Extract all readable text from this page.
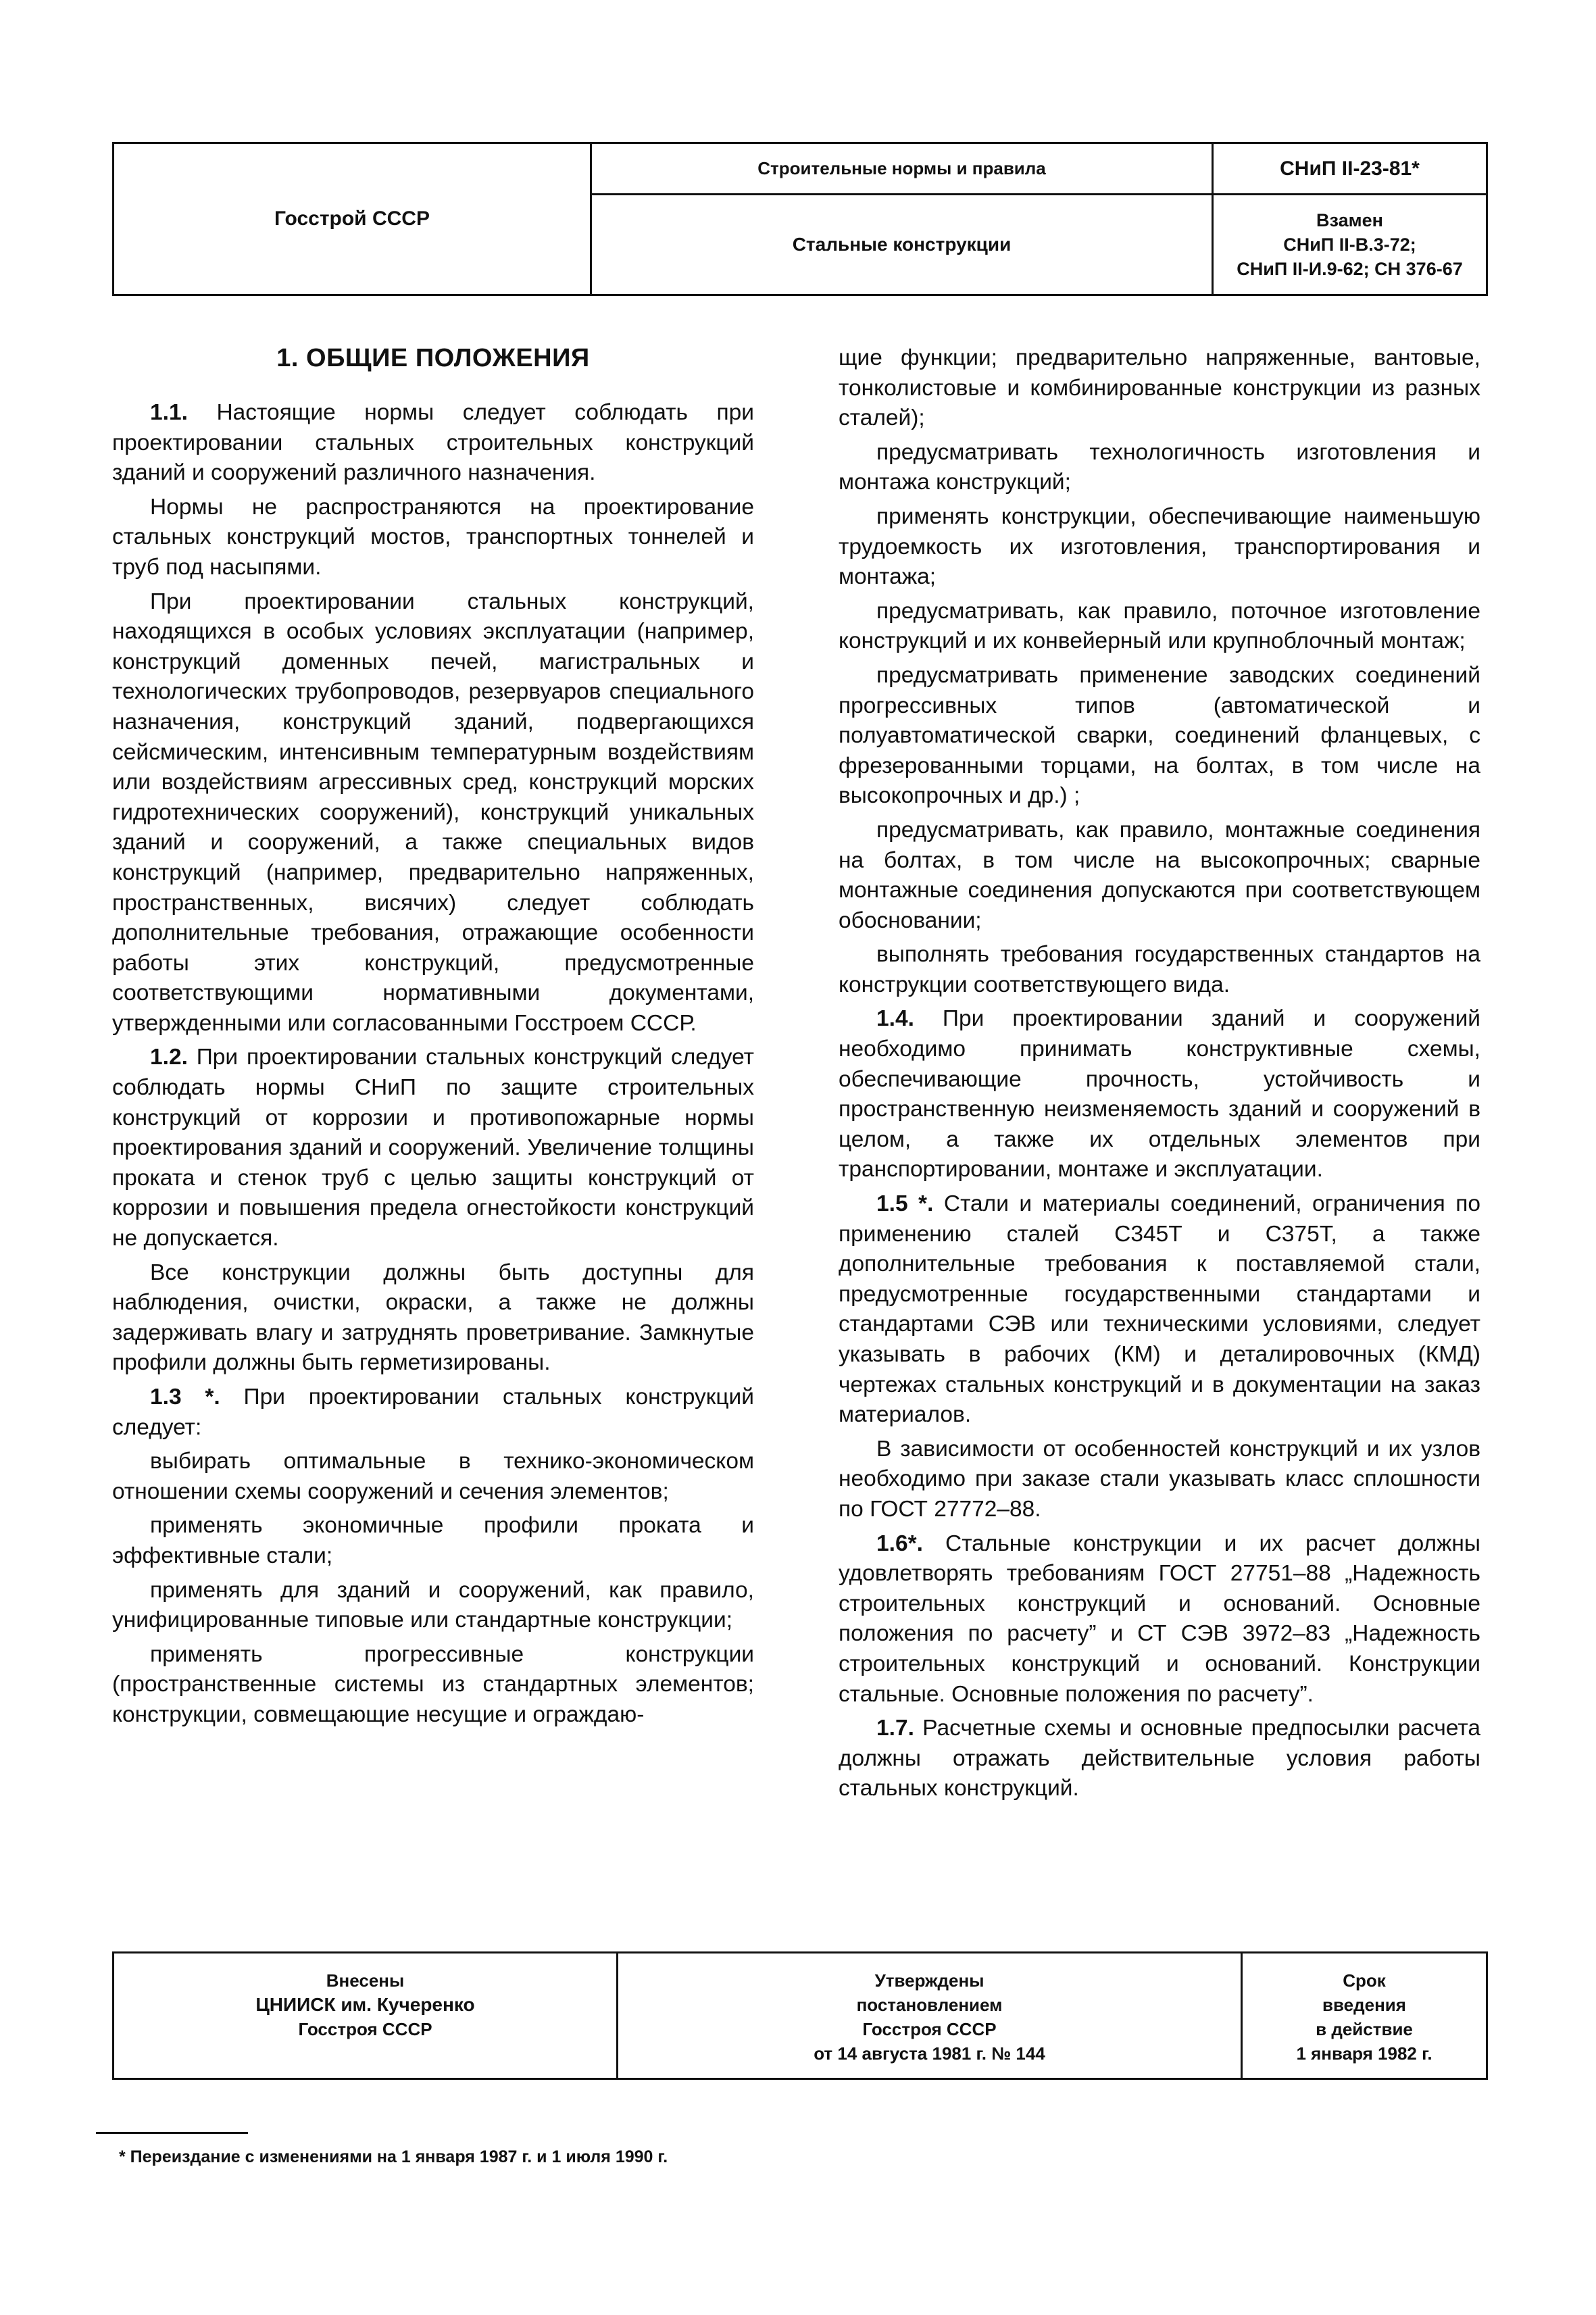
Госстрой СССР
Строительные нормы и правила	СНиП II-23-81*
Стальные конструкции
Взамен
СНиП II-В.3-72;
СНиП II-И.9-62; СН 376-67
1. ОБЩИЕ ПОЛОЖЕНИЯ

1.1. Настоящие нормы следует соблюдать при проектировании стальных строительных конструкций зданий и сооружений различного назначения.

Нормы не распространяются на проектирование стальных конструкций мостов, транспортных тоннелей и труб под насыпями.

При проектировании стальных конструкций, находящихся в особых условиях эксплуатации (например, конструкций доменных печей, магистральных и технологических трубопроводов, резервуаров специального назначения, конструкций зданий, подвергающихся сейсмическим, интенсивным температурным воздействиям или воздействиям агрессивных сред, конструкций морских гидротехнических сооружений), конструкций уникальных зданий и сооружений, а также специальных видов конструкций (например, предварительно напряженных, пространственных, висячих) следует соблюдать дополнительные требования, отражающие особенности работы этих конструкций, предусмотренные соответствующими нормативными документами, утвержденными или согласованными Госстроем СССР.

1.2. При проектировании стальных конструкций следует соблюдать нормы СНиП по защите строительных конструкций от коррозии и противопожарные нормы проектирования зданий и сооружений. Увеличение толщины проката и стенок труб с целью защиты конструкций от коррозии и повышения предела огнестойкости конструкций не допускается.

Все конструкции должны быть доступны для наблюдения, очистки, окраски, а также не должны задерживать влагу и затруднять проветривание. Замкнутые профили должны быть герметизированы.

1.3 *. При проектировании стальных конструкций следует:

выбирать оптимальные в технико-экономическом отношении схемы сооружений и сечения элементов;

применять экономичные профили проката и эффективные стали;

применять для зданий и сооружений, как правило, унифицированные типовые или стандартные конструкции;

применять прогрессивные конструкции (пространственные системы из стандартных элементов; конструкции, совмещающие несущие и ограждаю-

щие функции; предварительно напряженные, вантовые, тонколистовые и комбинированные конструкции из разных сталей);

предусматривать технологичность изготовления и монтажа конструкций;

применять конструкции, обеспечивающие наименьшую трудоемкость их изготовления, транспортирования и монтажа;

предусматривать, как правило, поточное изготовление конструкций и их конвейерный или крупноблочный монтаж;

предусматривать применение заводских соединений прогрессивных типов (автоматической и полуавтоматической сварки, соединений фланцевых, с фрезерованными торцами, на болтах, в том числе на высокопрочных и др.) ;

предусматривать, как правило, монтажные соединения на болтах, в том числе на высокопрочных; сварные монтажные соединения допускаются при соответствующем обосновании;

выполнять требования государственных стандартов на конструкции соответствующего вида.

1.4. При проектировании зданий и сооружений необходимо принимать конструктивные схемы, обеспечивающие прочность, устойчивость и пространственную неизменяемость зданий и сооружений в целом, а также их отдельных элементов при транспортировании, монтаже и эксплуатации.

1.5 *. Стали и материалы соединений, ограничения по применению сталей С345Т и С375Т, а также дополнительные требования к поставляемой стали, предусмотренные государственными стандартами и стандартами СЭВ или техническими условиями, следует указывать в рабочих (КМ) и деталировочных (КМД) чертежах стальных конструкций и в документации на заказ материалов.

В зависимости от особенностей конструкций и их узлов необходимо при заказе стали указывать класс сплошности по ГОСТ 27772–88.

1.6*. Стальные конструкции и их расчет должны удовлетворять требованиям ГОСТ 27751–88 „Надежность строительных конструкций и оснований. Основные положения по расчету” и СТ СЭВ 3972–83 „Надежность строительных конструкций и оснований. Конструкции стальные. Основные положения по расчету”.

1.7. Расчетные схемы и основные предпосылки расчета должны отражать действительные условия работы стальных конструкций.

Внесены
ЦНИИСК им. Кучеренко
Госстроя СССР
Утверждены
постановлением
Госстроя СССР
от 14 августа 1981 г. № 144
Срок
введения
в действие
1 января 1982 г.
* Переиздание с изменениями на 1 января 1987 г. и 1 июля 1990 г.
